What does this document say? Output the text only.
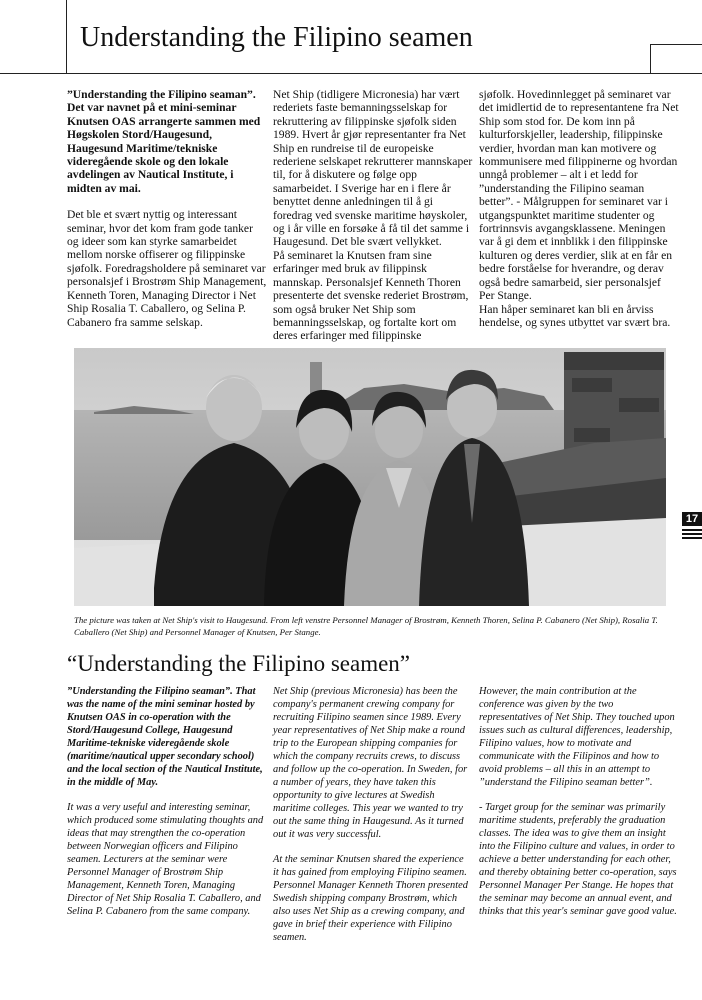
Understanding the Filipino seamen

”Understanding the Filipino seaman”. Det var navnet på et mini-seminar Knutsen OAS arrangerte sammen med Høgskolen Stord/Haugesund, Haugesund Maritime/tekniske videregående skole og den lokale avdelingen av Nautical Institute, i midten av mai.

Det ble et svært nyttig og interessant seminar, hvor det kom fram gode tanker og ideer som kan styrke samarbeidet mellom norske offiserer og filippinske sjøfolk. Foredragsholdere på seminaret var personalsjef i Brostrøm Ship Management, Kenneth Toren, Managing Director i Net Ship Rosalia T. Caballero, og Selina P. Cabanero fra samme selskap.

Net Ship (tidligere Micronesia) har vært rederiets faste bemanningsselskap for rekruttering av filippinske sjøfolk siden 1989. Hvert år gjør representanter fra Net Ship en rundreise til de europeiske rederiene selskapet rekrutterer mannskaper til, for å diskutere og følge opp samarbeidet. I Sverige har en i flere år benyttet denne anledningen til å gi foredrag ved svenske maritime høyskoler, og i år ville en forsøke å få til det samme i Haugesund. Det ble svært vellykket.

På seminaret la Knutsen fram sine erfaringer med bruk av filippinsk mannskap. Personalsjef Kenneth Thoren presenterte det svenske rederiet Brostrøm, som også bruker Net Ship som bemanningsselskap, og fortalte kort om deres erfaringer med filippinske

sjøfolk. Hovedinnlegget på seminaret var det imidlertid de to representantene fra Net Ship som stod for. De kom inn på kulturforskjeller, leadership, filippinske verdier, hvordan man kan motivere og kommunisere med filippinerne og hvordan unngå problemer – alt i et ledd for ”understanding the Filipino seaman better”. - Målgruppen for seminaret var i utgangspunktet maritime studenter og fortrinnsvis avgangsklassene. Meningen var å gi dem et innblikk i den filippinske kulturen og deres verdier, slik at en får en bedre forståelse for hverandre, og derav også bedre samarbeid, sier personalsjef Per Stange.

Han håper seminaret kan bli en årviss hendelse, og synes utbyttet var svært bra.

The picture was taken at Net Ship's visit to Haugesund. From left venstre Personnel Manager of Brostrøm, Kenneth Thoren, Selina P. Cabanero (Net Ship), Rosalia T. Caballero (Net Ship) and Personnel Manager of Knutsen, Per Stange.
“Understanding the Filipino seamen”

”Understanding the Filipino seaman”. That was the name of the mini seminar hosted by Knutsen OAS in co-operation with the Stord/Haugesund College, Haugesund Maritime-tekniske videregående skole (maritime/nautical upper secondary school) and the local section of the Nautical Institute, in the middle of May.

It was a very useful and interesting seminar, which produced some stimulating thoughts and ideas that may strengthen the co-operation between Norwegian officers and Filipino seamen. Lecturers at the seminar were Personnel Manager of Brostrøm Ship Management, Kenneth Toren, Managing Director of Net Ship Rosalia T. Caballero, and Selina P. Cabanero from the same company.

Net Ship (previous Micronesia) has been the company's permanent crewing company for recruiting Filipino seamen since 1989. Every year representatives of Net Ship make a round trip to the European shipping companies for which the company recruits crews, to discuss and follow up the co-operation. In Sweden, for a number of years, they have taken this opportunity to give lectures at Swedish maritime colleges. This year we wanted to try out the same thing in Haugesund. As it turned out it was very successful.

At the seminar Knutsen shared the experience it has gained from employing Filipino seamen. Personnel Manager Kenneth Thoren presented Swedish shipping company Brostrøm, which also uses Net Ship as a crewing company, and gave in brief their experience with Filipino seamen.

However, the main contribution at the conference was given by the two representatives of Net Ship. They touched upon issues such as cultural differences, leadership, Filipino values, how to motivate and communicate with the Filipinos and how to avoid problems – all this in an attempt to ”understand the Filipino seaman better”.

- Target group for the seminar was primarily maritime students, preferably the graduation classes. The idea was to give them an insight into the Filipino culture and values, in order to achieve a better understanding for each other, and thereby obtaining better co-operation, says Personnel Manager Per Stange. He hopes that the seminar may become an annual event, and thinks that this year's seminar gave good value.

17
